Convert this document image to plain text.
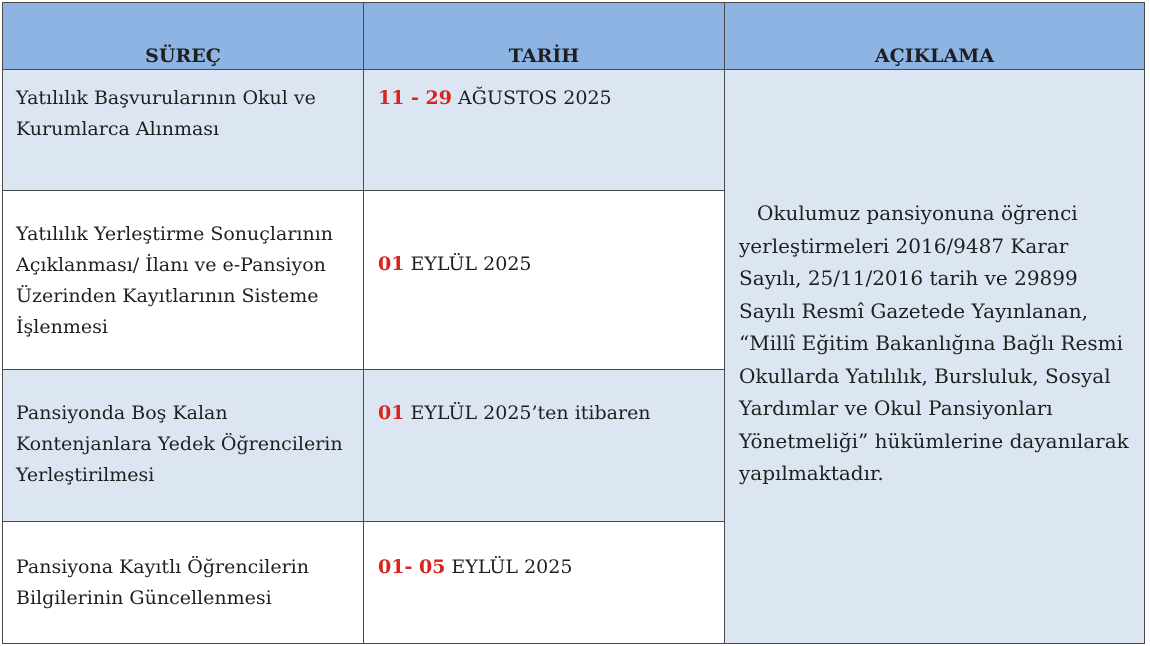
SÜREÇ	TARİH	AÇIKLAMA

Yatılılık Başvurularının Okul ve Kurumlarca Alınması	11 - 29 AĞUSTOS 2025	Okulumuz pansiyonuna öğrenci yerleştirmeleri 2016/9487 Karar Sayılı, 25/11/2016 tarih ve 29899 Sayılı Resmî Gazetede Yayınlanan, “Millî Eğitim Bakanlığına Bağlı Resmi Okullarda Yatılılık, Bursluluk, Sosyal Yardımlar ve Okul Pansiyonları Yönetmeliği” hükümlerine dayanılarak yapılmaktadır.

Yatılılık Yerleştirme Sonuçlarının Açıklanması/ İlanı ve e-Pansiyon Üzerinden Kayıtlarının Sisteme İşlenmesi	01 EYLÜL 2025	
Pansiyonda Boş Kalan Kontenjanlara Yedek Öğrencilerin Yerleştirilmesi	01 EYLÜL 2025’ten itibaren	
Pansiyona Kayıtlı Öğrencilerin Bilgilerinin Güncellenmesi	01- 05 EYLÜL 2025	
